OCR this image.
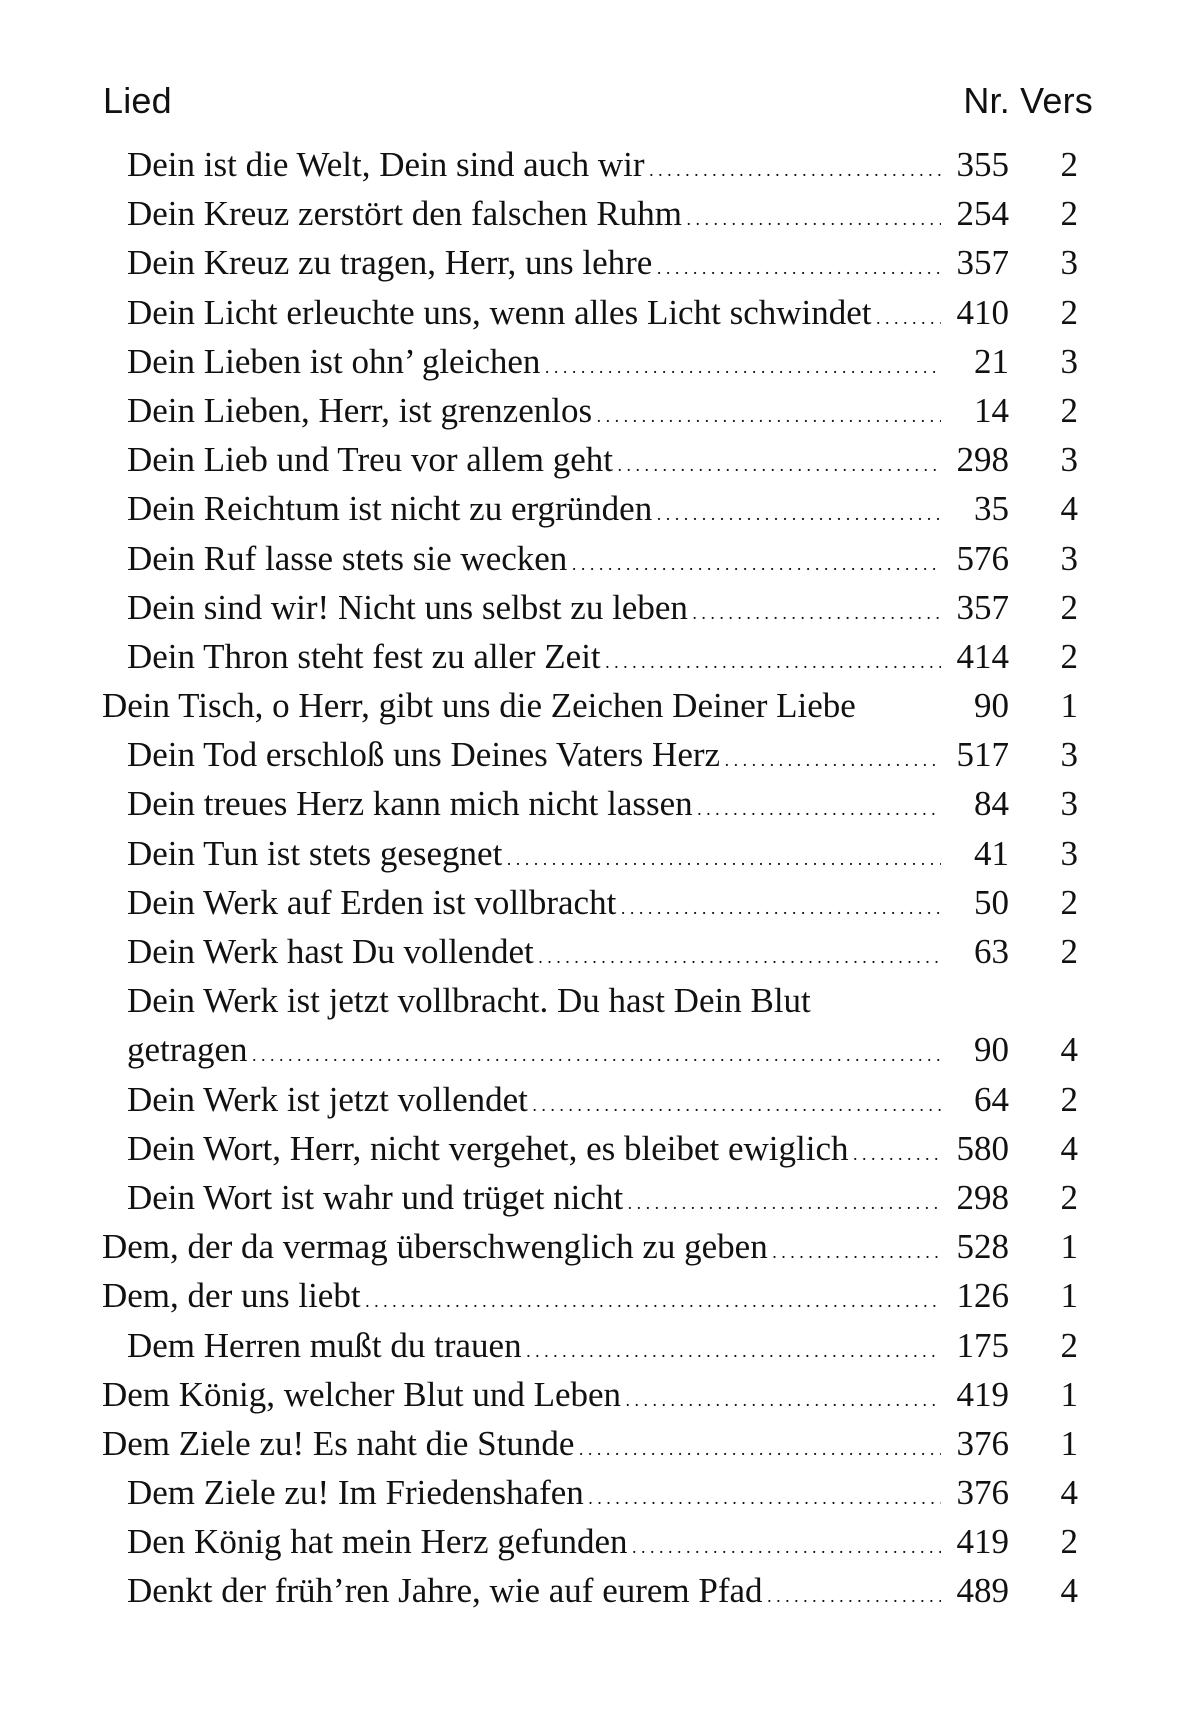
Lied	Nr. Vers
Dein ist die Welt, Dein sind auch wir . . .	355	2
Dein Kreuz zerstört den falschen Ruhm . . .	254	2
Dein Kreuz zu tragen, Herr, uns lehre . . .	357	3
Dein Licht erleuchte uns, wenn alles Licht schwindet . . .	410	2
Dein Lieben ist ohn’ gleichen . . .	21	3
Dein Lieben, Herr, ist grenzenlos . . .	14	2
Dein Lieb und Treu vor allem geht . . .	298	3
Dein Reichtum ist nicht zu ergründen . . .	35	4
Dein Ruf lasse stets sie wecken . . .	576	3
Dein sind wir! Nicht uns selbst zu leben . . .	357	2
Dein Thron steht fest zu aller Zeit . . .	414	2
Dein Tisch, o Herr, gibt uns die Zeichen Deiner Liebe	90	1
Dein Tod erschloß uns Deines Vaters Herz . . .	517	3
Dein treues Herz kann mich nicht lassen . . .	84	3
Dein Tun ist stets gesegnet . . .	41	3
Dein Werk auf Erden ist vollbracht . . .	50	2
Dein Werk hast Du vollendet . . .	63	2
Dein Werk ist jetzt vollbracht. Du hast Dein Blut
getragen . . .	90	4
Dein Werk ist jetzt vollendet . . .	64	2
Dein Wort, Herr, nicht vergehet, es bleibet ewiglich . . .	580	4
Dein Wort ist wahr und trüget nicht . . .	298	2
Dem, der da vermag überschwenglich zu geben . . .	528	1
Dem, der uns liebt . . .	126	1
Dem Herren mußt du trauen . . .	175	2
Dem König, welcher Blut und Leben . . .	419	1
Dem Ziele zu! Es naht die Stunde . . .	376	1
Dem Ziele zu! Im Friedenshafen . . .	376	4
Den König hat mein Herz gefunden . . .	419	2
Denkt der früh’ren Jahre, wie auf eurem Pfad . . .	489	4
